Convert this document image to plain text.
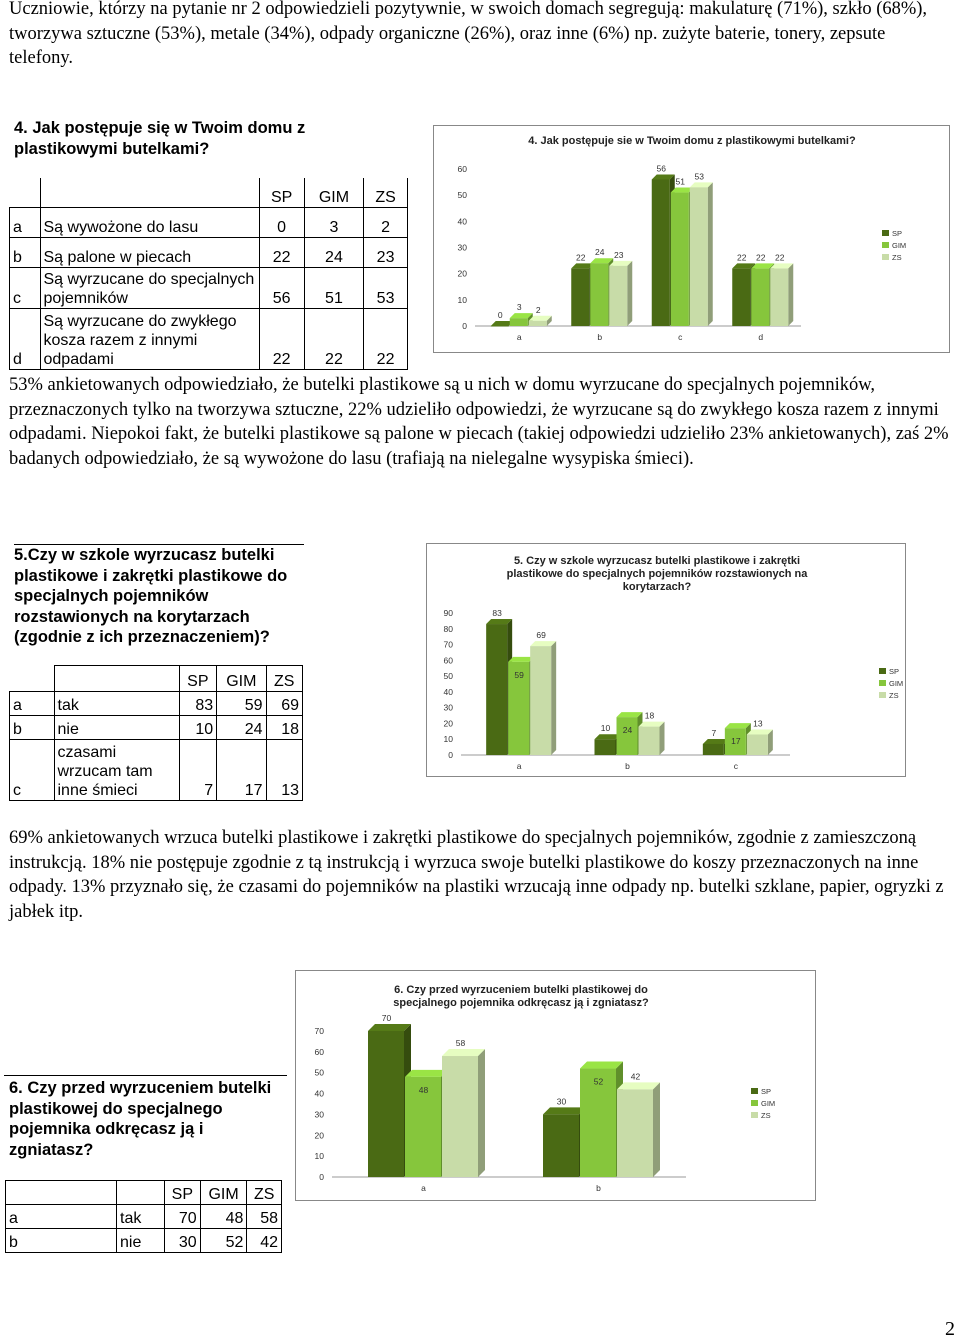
Uczniowie, którzy na pytanie nr 2 odpowiedzieli pozytywnie, w swoich domach segregują: makulaturę (71%), szkło (68%), tworzywa sztuczne (53%), metale (34%), odpady organiczne (26%), oraz inne (6%) np. zużyte baterie, tonery, zepsute telefony.

4. Jak postępuje się w Twoim domu z plastikowymi butelkami?
		SP	GIM	ZS
a	Są wywożone do lasu	0	3	2
b	Są palone w piecach	22	24	23
c	Są wyrzucane do specjalnych pojemników	56	51	53
d	Są wyrzucane do zwykłego kosza razem z innymi odpadami	22	22	22
4. Jak postępuje sie w Twoim domu z plastikowymi butelkami?
0
10
20
30
40
50
60
0
3 2
a
22
24 23
b
56
51
53
c
22 22 22
d
SP
GIM
ZS

53% ankietowanych odpowiedziało, że butelki plastikowe są u nich w domu wyrzucane do specjalnych pojemników, przeznaczonych tylko na tworzywa sztuczne, 22% udzieliło odpowiedzi, że wyrzucane są do zwykłego kosza razem z innymi odpadami. Niepokoi fakt, że butelki plastikowe są palone w piecach (takiej odpowiedzi udzieliło 23% ankietowanych), zaś 2% badanych odpowiedziało, że są wywożone do lasu (trafiają na nielegalne wysypiska śmieci).

5.Czy w szkole wyrzucasz butelki plastikowe i zakrętki plastikowe do specjalnych pojemników rozstawionych na korytarzach (zgodnie z ich przeznaczeniem)?
		SP	GIM	ZS
a	tak	83	59	69
b	nie	10	24	18
c	czasami wrzucam tam inne śmieci	7	17	13
5. Czy w szkole wyrzucasz butelki plastikowe i zakrętki
plastikowe do specjalnych pojemników rozstawionych na
korytarzach?
0
10
20
30
40
50
60
70
80
90	83
59
69
a
10 24
18
b
7
17
13
c
SP
GIM
ZS

69% ankietowanych wrzuca butelki plastikowe i zakrętki plastikowe do specjalnych pojemników, zgodnie z zamieszczoną instrukcją. 18% nie postępuje zgodnie z tą instrukcją i wyrzuca swoje butelki plastikowe do koszy przeznaczonych na inne odpady. 13% przyznało się, że czasami do pojemników na plastiki wrzucają inne odpady np. butelki szklane, papier, ogryzki z jabłek itp.

6. Czy przed wyrzuceniem butelki plastikowej do
specjalnego pojemnika odkręcasz ją i zgniatasz?
0
10
20
30
40
50
60
70
70
48
58
a
30
52
42
b
SP
GIM
ZS
6. Czy przed wyrzuceniem butelki plastikowej do specjalnego pojemnika odkręcasz ją i zgniatasz?
		SP	GIM	ZS
a	tak	70	48	58
b	nie	30	52	42
2
